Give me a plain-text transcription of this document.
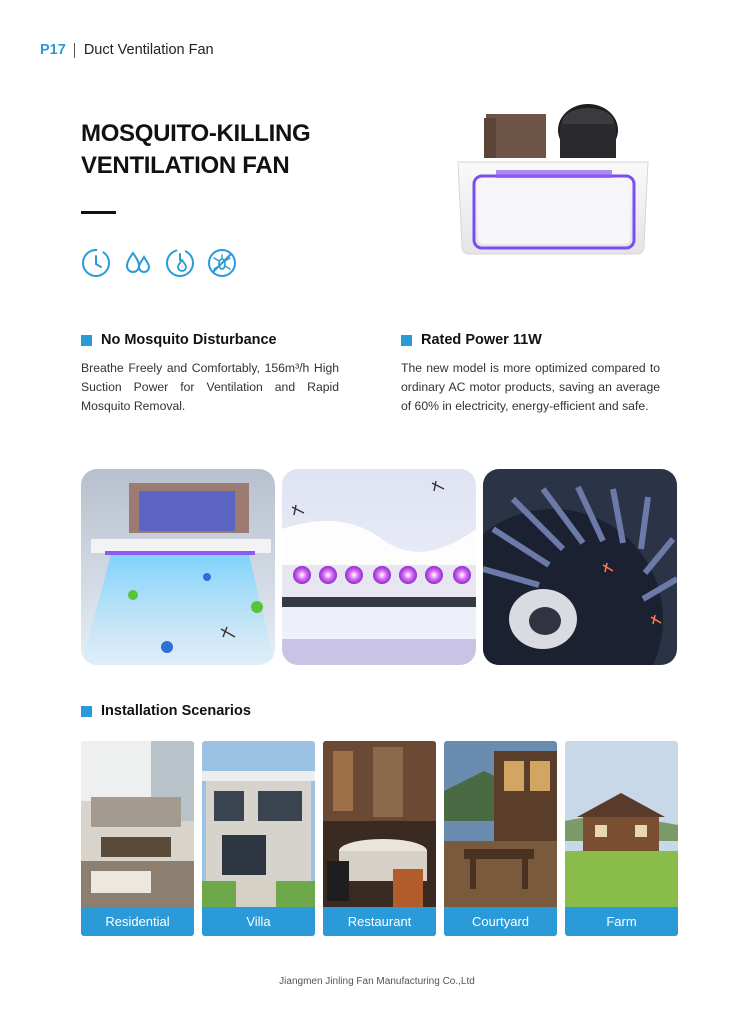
P17 Duct Ventilation Fan
MOSQUITO-KILLING
VENTILATION FAN
No Mosquito Disturbance

Breathe Freely and Comfortably, 156m³/h High Suction Power for Ventilation and Rapid Mosquito Removal.

Rated Power 11W

The new model is more optimized compared to ordinary AC motor products, saving an average of 60% in electricity, energy-efficient and safe.

Installation Scenarios
Residential	Villa	Restaurant	Courtyard	Farm
Jiangmen Jinling Fan Manufacturing Co.,Ltd
